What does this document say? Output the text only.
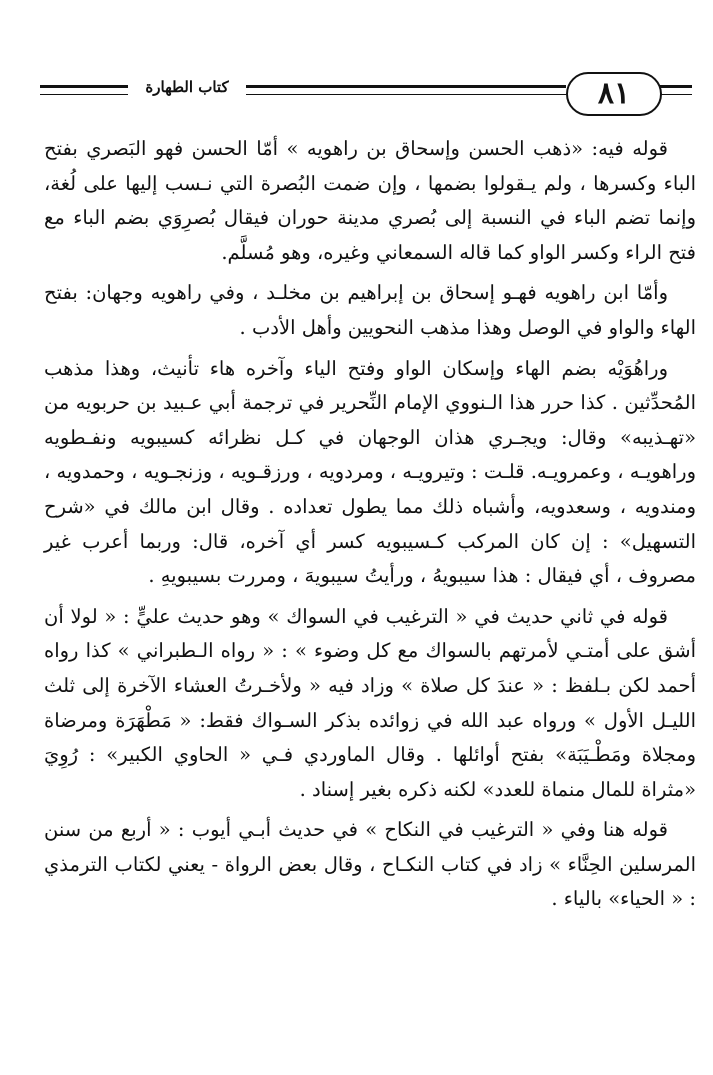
٨١
كتاب الطهارة

قوله فيه: «ذهب الحسن وإسحاق بن راهويه » أمّا الحسن فهو البَصري بفتح الباء وكسرها ، ولم يـقولوا بضمها ، وإن ضمت البُصرة التي نـسب إليها على لُغة، وإنما تضم الباء في النسبة إلى بُصري مدينة حوران فيقال بُصرِوَي بضم الباء مع فتح الراء وكسر الواو كما قاله السمعاني وغيره، وهو مُسلَّم.

وأمّا ابن راهويه فهـو إسحاق بن إبراهيم بن مخلـد ، وفي راهويه وجهان: بفتح الهاء والواو في الوصل وهذا مذهب النحويين وأهل الأدب .

وراهُوَيْه بضم الهاء وإسكان الواو وفتح الياء وآخره هاء تأنيث، وهذا مذهب المُحدِّثين . كذا حرر هذا الـنووي الإمام النِّحرير في ترجمة أبي عـبيد بن حربويه من «تهـذيبه» وقال: ويجـري هذان الوجهان في كـل نظرائه كسيبويه ونفـطويه وراهويـه ، وعمرويـه. قلـت : وتيرويـه ، ومردويه ، ورزقـويه ، وزنجـويه ، وحمدويه ، ومندويه ، وسعدويه، وأشباه ذلك مما يطول تعداده . وقال ابن مالك في «شرح التسهيل» : إن كان المركب كـسيبويه كسر أي آخره، قال: وربما أعرب غير مصروف ، أي فيقال : هذا سيبويهُ ، ورأيتُ سيبويهَ ، ومررت بسيبويهِ .

قوله في ثاني حديث في « الترغيب في السواك » وهو حديث عليٍّ : « لولا أن أشق على أمتـي لأمرتهم بالسواك مع كل وضوء » : « رواه الـطبراني » كذا رواه أحمد لكن بـلفظ : « عندَ كل صلاة » وزاد فيه « ولأخـرتُ العشاء الآخرة إلى ثلث الليـل الأول » ورواه عبد الله في زوائده بذكر السـواك فقط: « مَطْهَرَة ومرضاة ومجلاة ومَطْـيَبَة» بفتح أوائلها . وقال الماوردي فـي « الحاوي الكبير» : رُوِيَ «مثراة للمال منماة للعدد» لكنه ذكره بغير إسناد .

قوله هنا وفي « الترغيب في النكاح » في حديث أبـي أيوب : « أربع من سنن المرسلين الحِنَّاء » زاد في كتاب النكـاح ، وقال بعض الرواة - يعني لكتاب الترمذي : « الحياء» بالياء .
